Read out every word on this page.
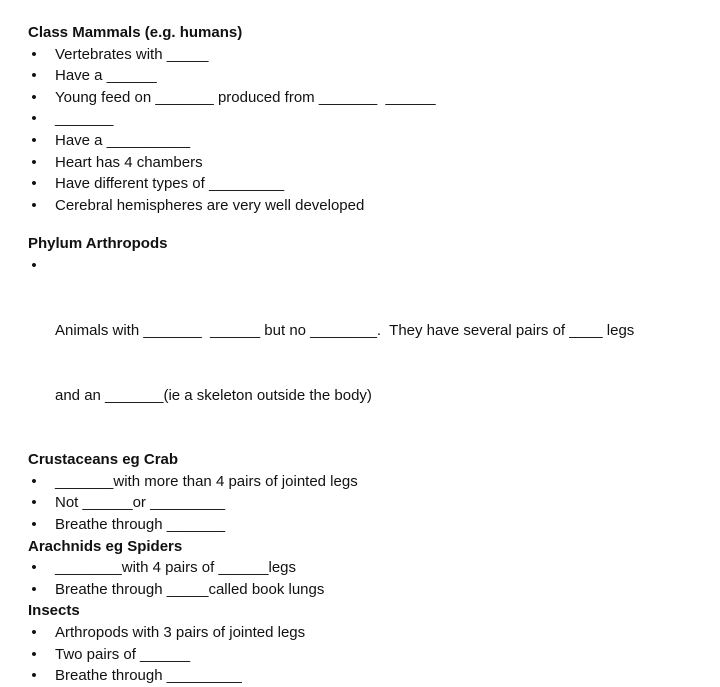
Class Mammals (e.g. humans)
• Vertebrates with _____
• Have a ______
• Young feed on _______ produced from _______  ______
• _______
• Have a __________
• Heart has 4 chambers
• Have different types of _________
• Cerebral hemispheres are very well developed
Phylum Arthropods

•

Animals with _______  ______ but no ________.  They have several pairs of ____ legs

and an _______(ie a skeleton outside the body)

Crustaceans eg Crab
• _______with more than 4 pairs of jointed legs
• Not ______or _________
• Breathe through _______
Arachnids eg Spiders
• ________with 4 pairs of ______legs
• Breathe through _____called book lungs
Insects
• Arthropods with 3 pairs of jointed legs
• Two pairs of ______
• Breathe through _________
